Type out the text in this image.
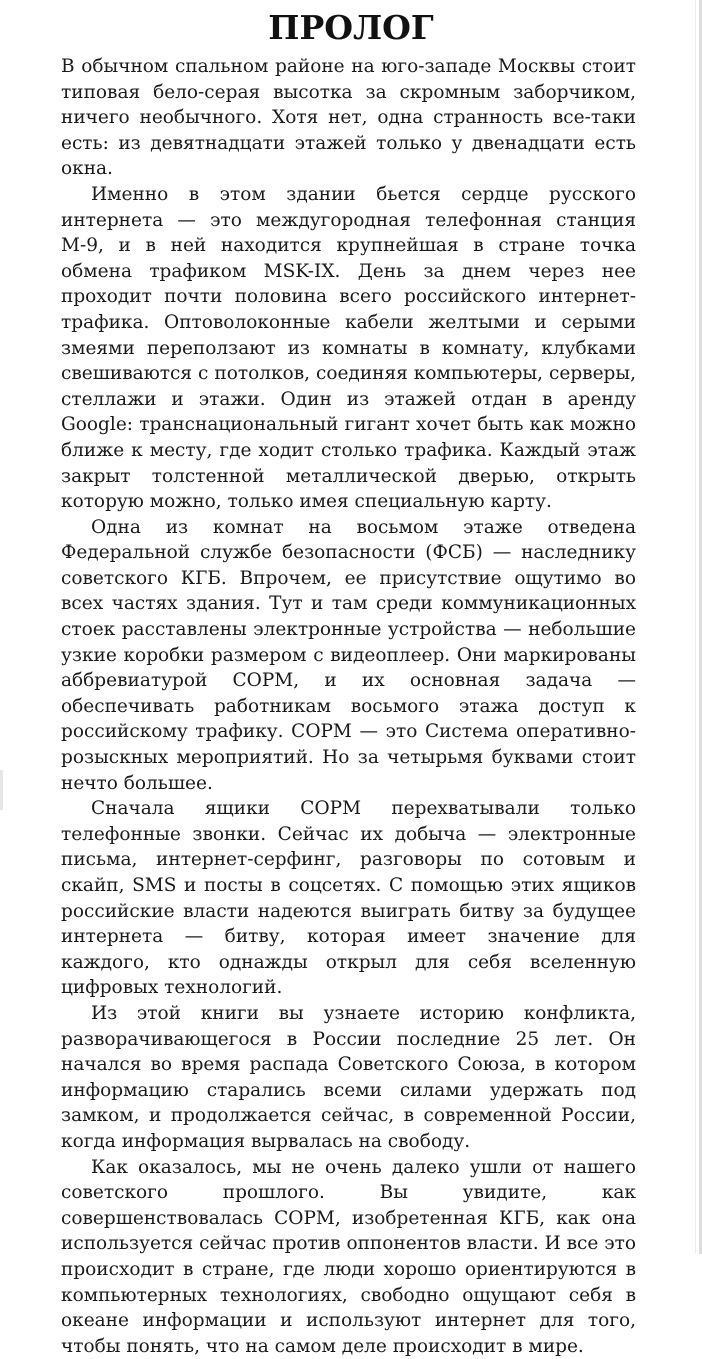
ПРОЛОГ

В обычном спальном районе на юго-западе Москвы стоит типовая бело-серая высотка за скромным заборчиком, ничего необычного. Хотя нет, одна странность все-таки есть: из девятнадцати этажей только у двенадцати есть окна.

Именно в этом здании бьется сердце русского интернета — это междугородная телефонная станция М-9, и в ней находится крупнейшая в стране точка обмена трафиком MSK-IX. День за днем через нее проходит почти половина всего российского интернет-трафика. Оптоволоконные кабели желтыми и серыми змеями переползают из комнаты в комнату, клубками свешиваются с потолков, соединяя компьютеры, серверы, стеллажи и этажи. Один из этажей отдан в аренду Google: транснациональный гигант хочет быть как можно ближе к месту, где ходит столько трафика. Каждый этаж закрыт толстенной металлической дверью, открыть которую можно, только имея специальную карту.

Одна из комнат на восьмом этаже отведена Федеральной службе безопасности (ФСБ) — наследнику советского КГБ. Впрочем, ее присутствие ощутимо во всех частях здания. Тут и там среди коммуникационных стоек расставлены электронные устройства — небольшие узкие коробки размером с видеоплеер. Они маркированы аббревиатурой СОРМ, и их основная задача — обеспечивать работникам восьмого этажа доступ к российскому трафику. СОРМ — это Система оперативно-розыскных мероприятий. Но за четырьмя буквами стоит нечто большее.

Сначала ящики СОРМ перехватывали только телефонные звонки. Сейчас их добыча — электронные письма, интернет-серфинг, разговоры по сотовым и скайп, SMS и посты в соцсетях. С помощью этих ящиков российские власти надеются выиграть битву за будущее интернета — битву, которая имеет значение для каждого, кто однажды открыл для себя вселенную цифровых технологий.

Из этой книги вы узнаете историю конфликта, разворачивающегося в России последние 25 лет. Он начался во время распада Советского Союза, в котором информацию старались всеми силами удержать под замком, и продолжается сейчас, в современной России, когда информация вырвалась на свободу.

Как оказалось, мы не очень далеко ушли от нашего советского прошлого. Вы увидите, как совершенствовалась СОРМ, изобретенная КГБ, как она используется сейчас против оппонентов власти. И все это происходит в стране, где люди хорошо ориентируются в компьютерных технологиях, свободно ощущают себя в океане информации и используют интернет для того, чтобы понять, что на самом деле происходит в мире.
